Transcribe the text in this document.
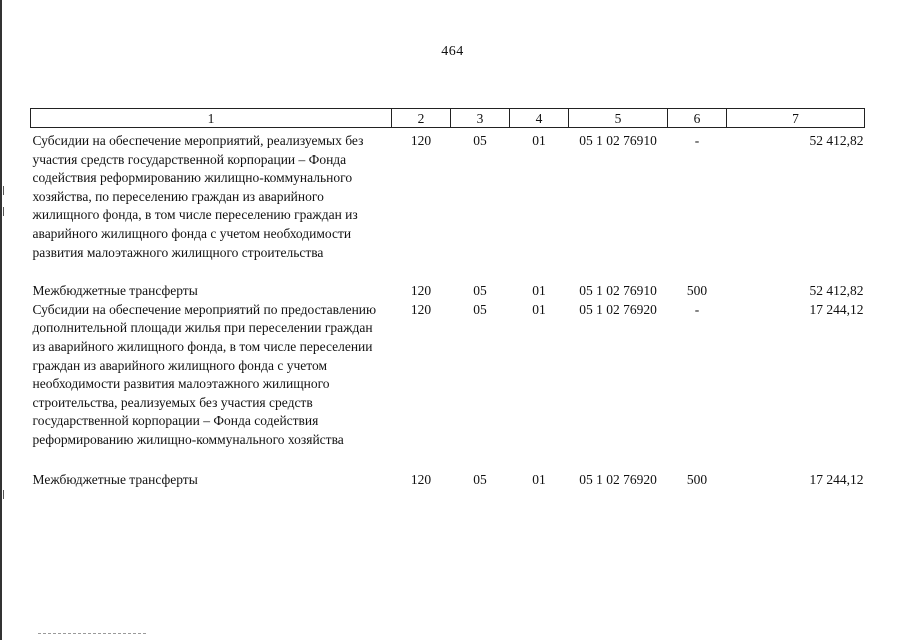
464
1	2	3	4	5	6	7
Субсидии на обеспечение мероприятий, реализуемых без участия средств государственной корпорации – Фонда содействия реформированию жилищно-коммунального хозяйства, по переселению граждан из аварийного жилищного фонда, в том числе переселению граждан из аварийного жилищного фонда с учетом необходимости развития малоэтажного жилищного строительства	120	05	01	05 1 02 76910	-	52 412,82

Межбюджетные трансферты	120	05	01	05 1 02 76910	500	52 412,82
Субсидии на обеспечение мероприятий по предоставлению дополнительной площади жилья при переселении граждан из аварийного жилищного фонда, в том числе переселении граждан из аварийного жилищного фонда с учетом необходимости развития малоэтажного жилищного строительства, реализуемых без участия средств государственной корпорации – Фонда содействия реформированию жилищно-коммунального хозяйства	120	05	01	05 1 02 76920	-	17 244,12

Межбюджетные трансферты	120	05	01	05 1 02 76920	500	17 244,12
